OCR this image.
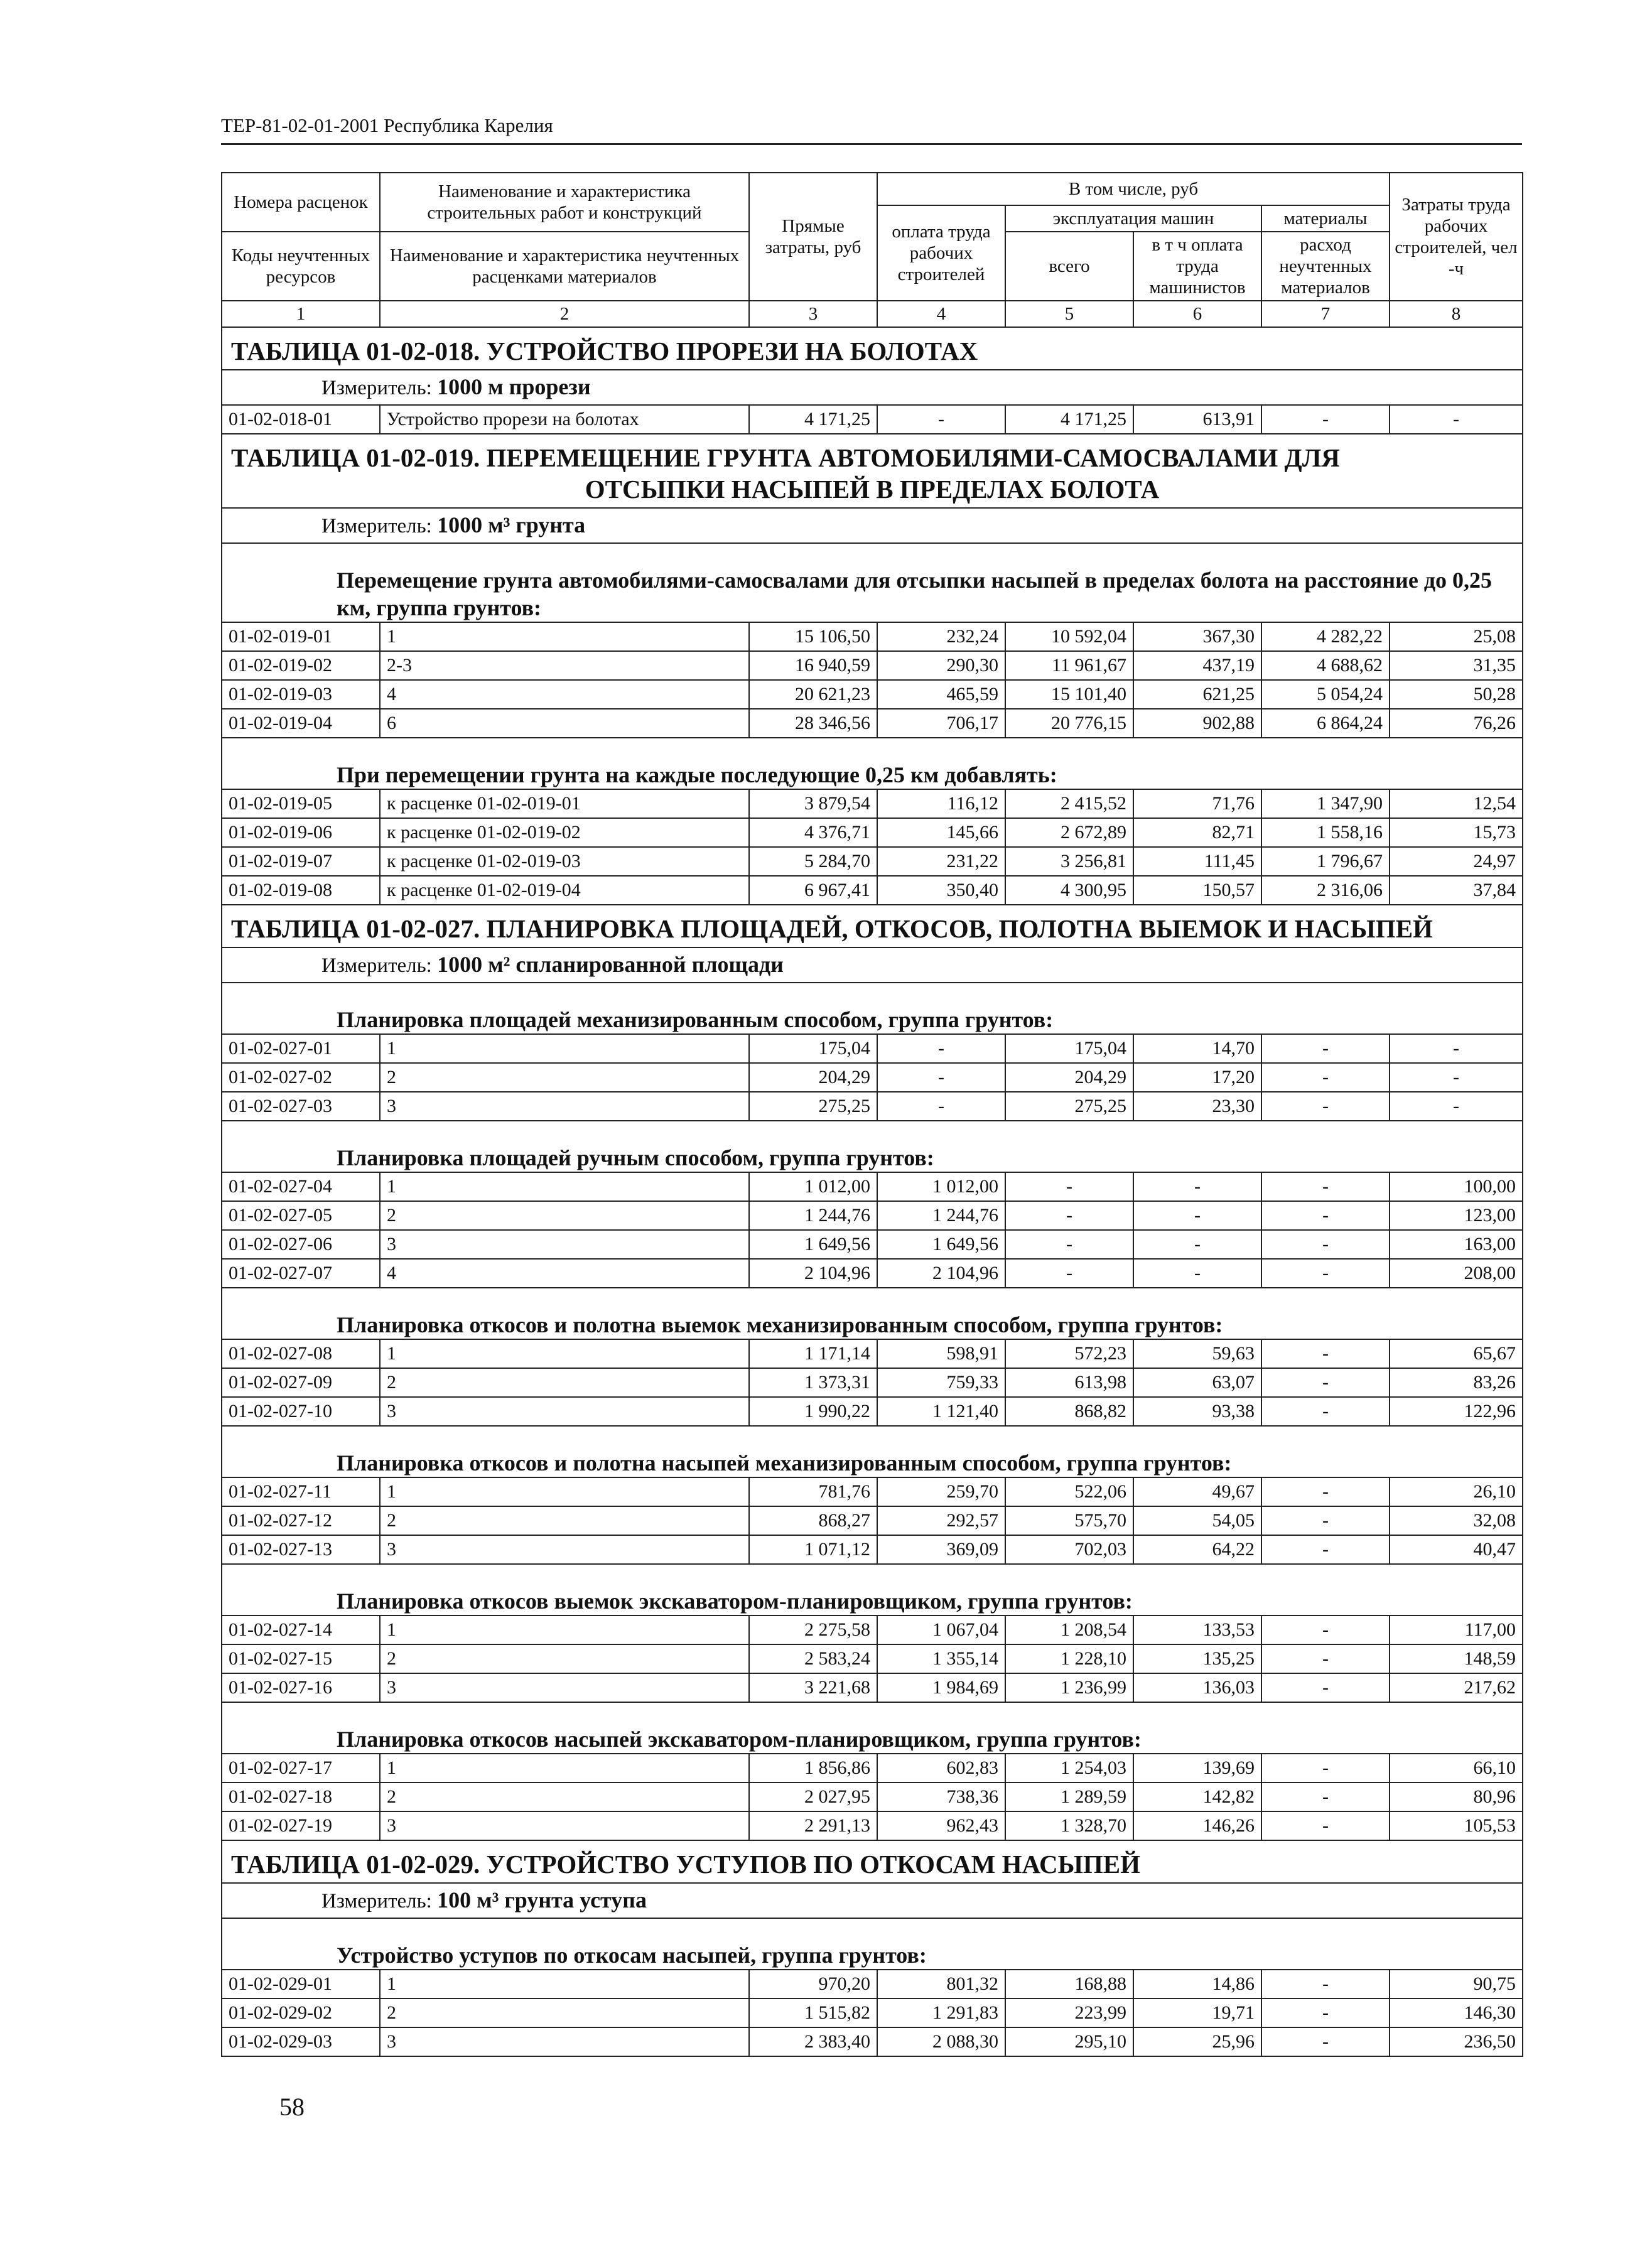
ТЕР-81-02-01-2001 Республика Карелия
Номера расценок	Наименование и характеристика строительных работ и конструкций	Прямые затраты, руб	В том числе, руб				Затраты труда рабочих строителей, чел -ч
			оплата труда рабочих строителей	эксплуатация машин		материалы	
Коды неучтенных ресурсов	Наименование и характеристика неучтенных расценками материалов			всего	в т ч оплата труда машинистов	расход неучтенных материалов	

1	2	3	4	5	6	7	8
ТАБЛИЦА 01-02-018. УСТРОЙСТВО ПРОРЕЗИ НА БОЛОТАХ							
Измеритель: 1000 м прорези							
01-02-018-01	Устройство прорези на болотах	4 171,25	-	4 171,25	613,91	-	-

ТАБЛИЦА 01-02-019. ПЕРЕМЕЩЕНИЕ ГРУНТА АВТОМОБИЛЯМИ-САМОСВАЛАМИ ДЛЯ
ОТСЫПКИ НАСЫПЕЙ В ПРЕДЕЛАХ БОЛОТА							

Измеритель: 1000 м³ грунта							
Перемещение грунта автомобилями-самосвалами для отсыпки насыпей в пределах болота на расстояние до 0,25 км, группа грунтов:							
01-02-019-01	1	15 106,50	232,24	10 592,04	367,30	4 282,22	25,08
01-02-019-02	2-3	16 940,59	290,30	11 961,67	437,19	4 688,62	31,35
01-02-019-03	4	20 621,23	465,59	15 101,40	621,25	5 054,24	50,28
01-02-019-04	6	28 346,56	706,17	20 776,15	902,88	6 864,24	76,26
При перемещении грунта на каждые последующие 0,25 км добавлять:							
01-02-019-05	к расценке 01-02-019-01	3 879,54	116,12	2 415,52	71,76	1 347,90	12,54
01-02-019-06	к расценке 01-02-019-02	4 376,71	145,66	2 672,89	82,71	1 558,16	15,73
01-02-019-07	к расценке 01-02-019-03	5 284,70	231,22	3 256,81	111,45	1 796,67	24,97
01-02-019-08	к расценке 01-02-019-04	6 967,41	350,40	4 300,95	150,57	2 316,06	37,84
ТАБЛИЦА 01-02-027. ПЛАНИРОВКА ПЛОЩАДЕЙ, ОТКОСОВ, ПОЛОТНА ВЫЕМОК И НАСЫПЕЙ							
Измеритель: 1000 м² спланированной площади							
Планировка площадей механизированным способом, группа грунтов:							
01-02-027-01	1	175,04	-	175,04	14,70	-	-
01-02-027-02	2	204,29	-	204,29	17,20	-	-
01-02-027-03	3	275,25	-	275,25	23,30	-	-
Планировка площадей ручным способом, группа грунтов:							
01-02-027-04	1	1 012,00	1 012,00	-	-	-	100,00
01-02-027-05	2	1 244,76	1 244,76	-	-	-	123,00
01-02-027-06	3	1 649,56	1 649,56	-	-	-	163,00
01-02-027-07	4	2 104,96	2 104,96	-	-	-	208,00
Планировка откосов и полотна выемок механизированным способом, группа грунтов:							
01-02-027-08	1	1 171,14	598,91	572,23	59,63	-	65,67
01-02-027-09	2	1 373,31	759,33	613,98	63,07	-	83,26
01-02-027-10	3	1 990,22	1 121,40	868,82	93,38	-	122,96
Планировка откосов и полотна насыпей механизированным способом, группа грунтов:							
01-02-027-11	1	781,76	259,70	522,06	49,67	-	26,10
01-02-027-12	2	868,27	292,57	575,70	54,05	-	32,08
01-02-027-13	3	1 071,12	369,09	702,03	64,22	-	40,47
Планировка откосов выемок экскаватором-планировщиком, группа грунтов:							
01-02-027-14	1	2 275,58	1 067,04	1 208,54	133,53	-	117,00
01-02-027-15	2	2 583,24	1 355,14	1 228,10	135,25	-	148,59
01-02-027-16	3	3 221,68	1 984,69	1 236,99	136,03	-	217,62
Планировка откосов насыпей экскаватором-планировщиком, группа грунтов:							
01-02-027-17	1	1 856,86	602,83	1 254,03	139,69	-	66,10
01-02-027-18	2	2 027,95	738,36	1 289,59	142,82	-	80,96
01-02-027-19	3	2 291,13	962,43	1 328,70	146,26	-	105,53
ТАБЛИЦА 01-02-029. УСТРОЙСТВО УСТУПОВ ПО ОТКОСАМ НАСЫПЕЙ							
Измеритель: 100 м³ грунта уступа							
Устройство уступов по откосам насыпей, группа грунтов:							
01-02-029-01	1	970,20	801,32	168,88	14,86	-	90,75
01-02-029-02	2	1 515,82	1 291,83	223,99	19,71	-	146,30
01-02-029-03	3	2 383,40	2 088,30	295,10	25,96	-	236,50
58
